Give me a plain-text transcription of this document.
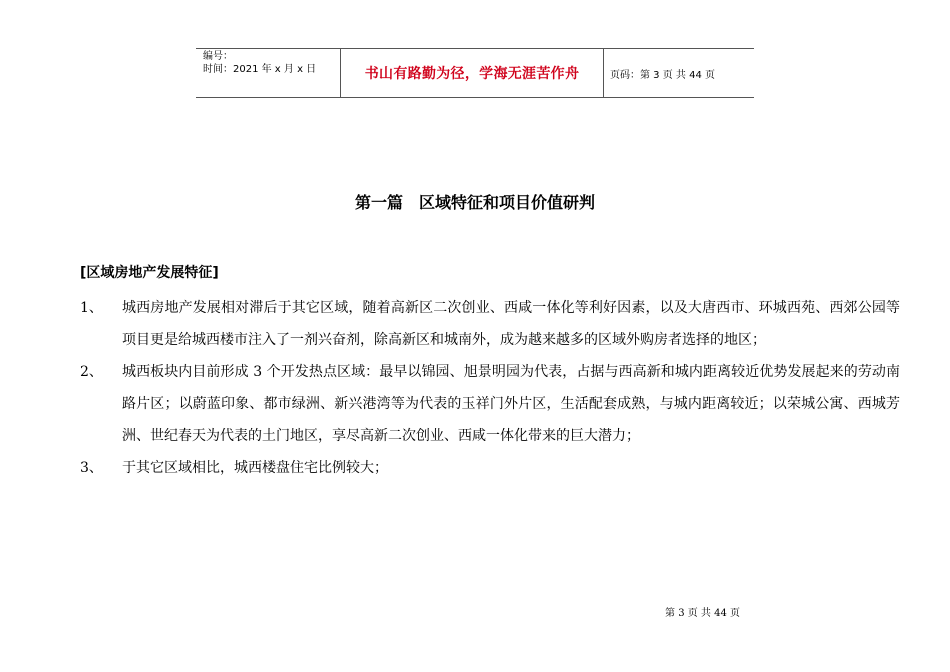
编号：
时间：2021 年 x 月 x 日	书山有路勤为径，学海无涯苦作舟	页码：第 3 页 共 44 页
第一篇　区域特征和项目价值研判
[区域房地产发展特征]
1、	城西房地产发展相对滞后于其它区域，随着高新区二次创业、西咸一体化等利好因素，以及大唐西市、环城西苑、西郊公园等项目更是给城西楼市注入了一剂兴奋剂，除高新区和城南外，成为越来越多的区域外购房者选择的地区；
2、	城西板块内目前形成 3 个开发热点区域：最早以锦园、旭景明园为代表，占据与西高新和城内距离较近优势发展起来的劳动南路片区；以蔚蓝印象、都市绿洲、新兴港湾等为代表的玉祥门外片区，生活配套成熟，与城内距离较近；以荣城公寓、西城芳洲、世纪春天为代表的土门地区，享尽高新二次创业、西咸一体化带来的巨大潜力；
3、	于其它区域相比，城西楼盘住宅比例较大；
第 3 页 共 44 页
